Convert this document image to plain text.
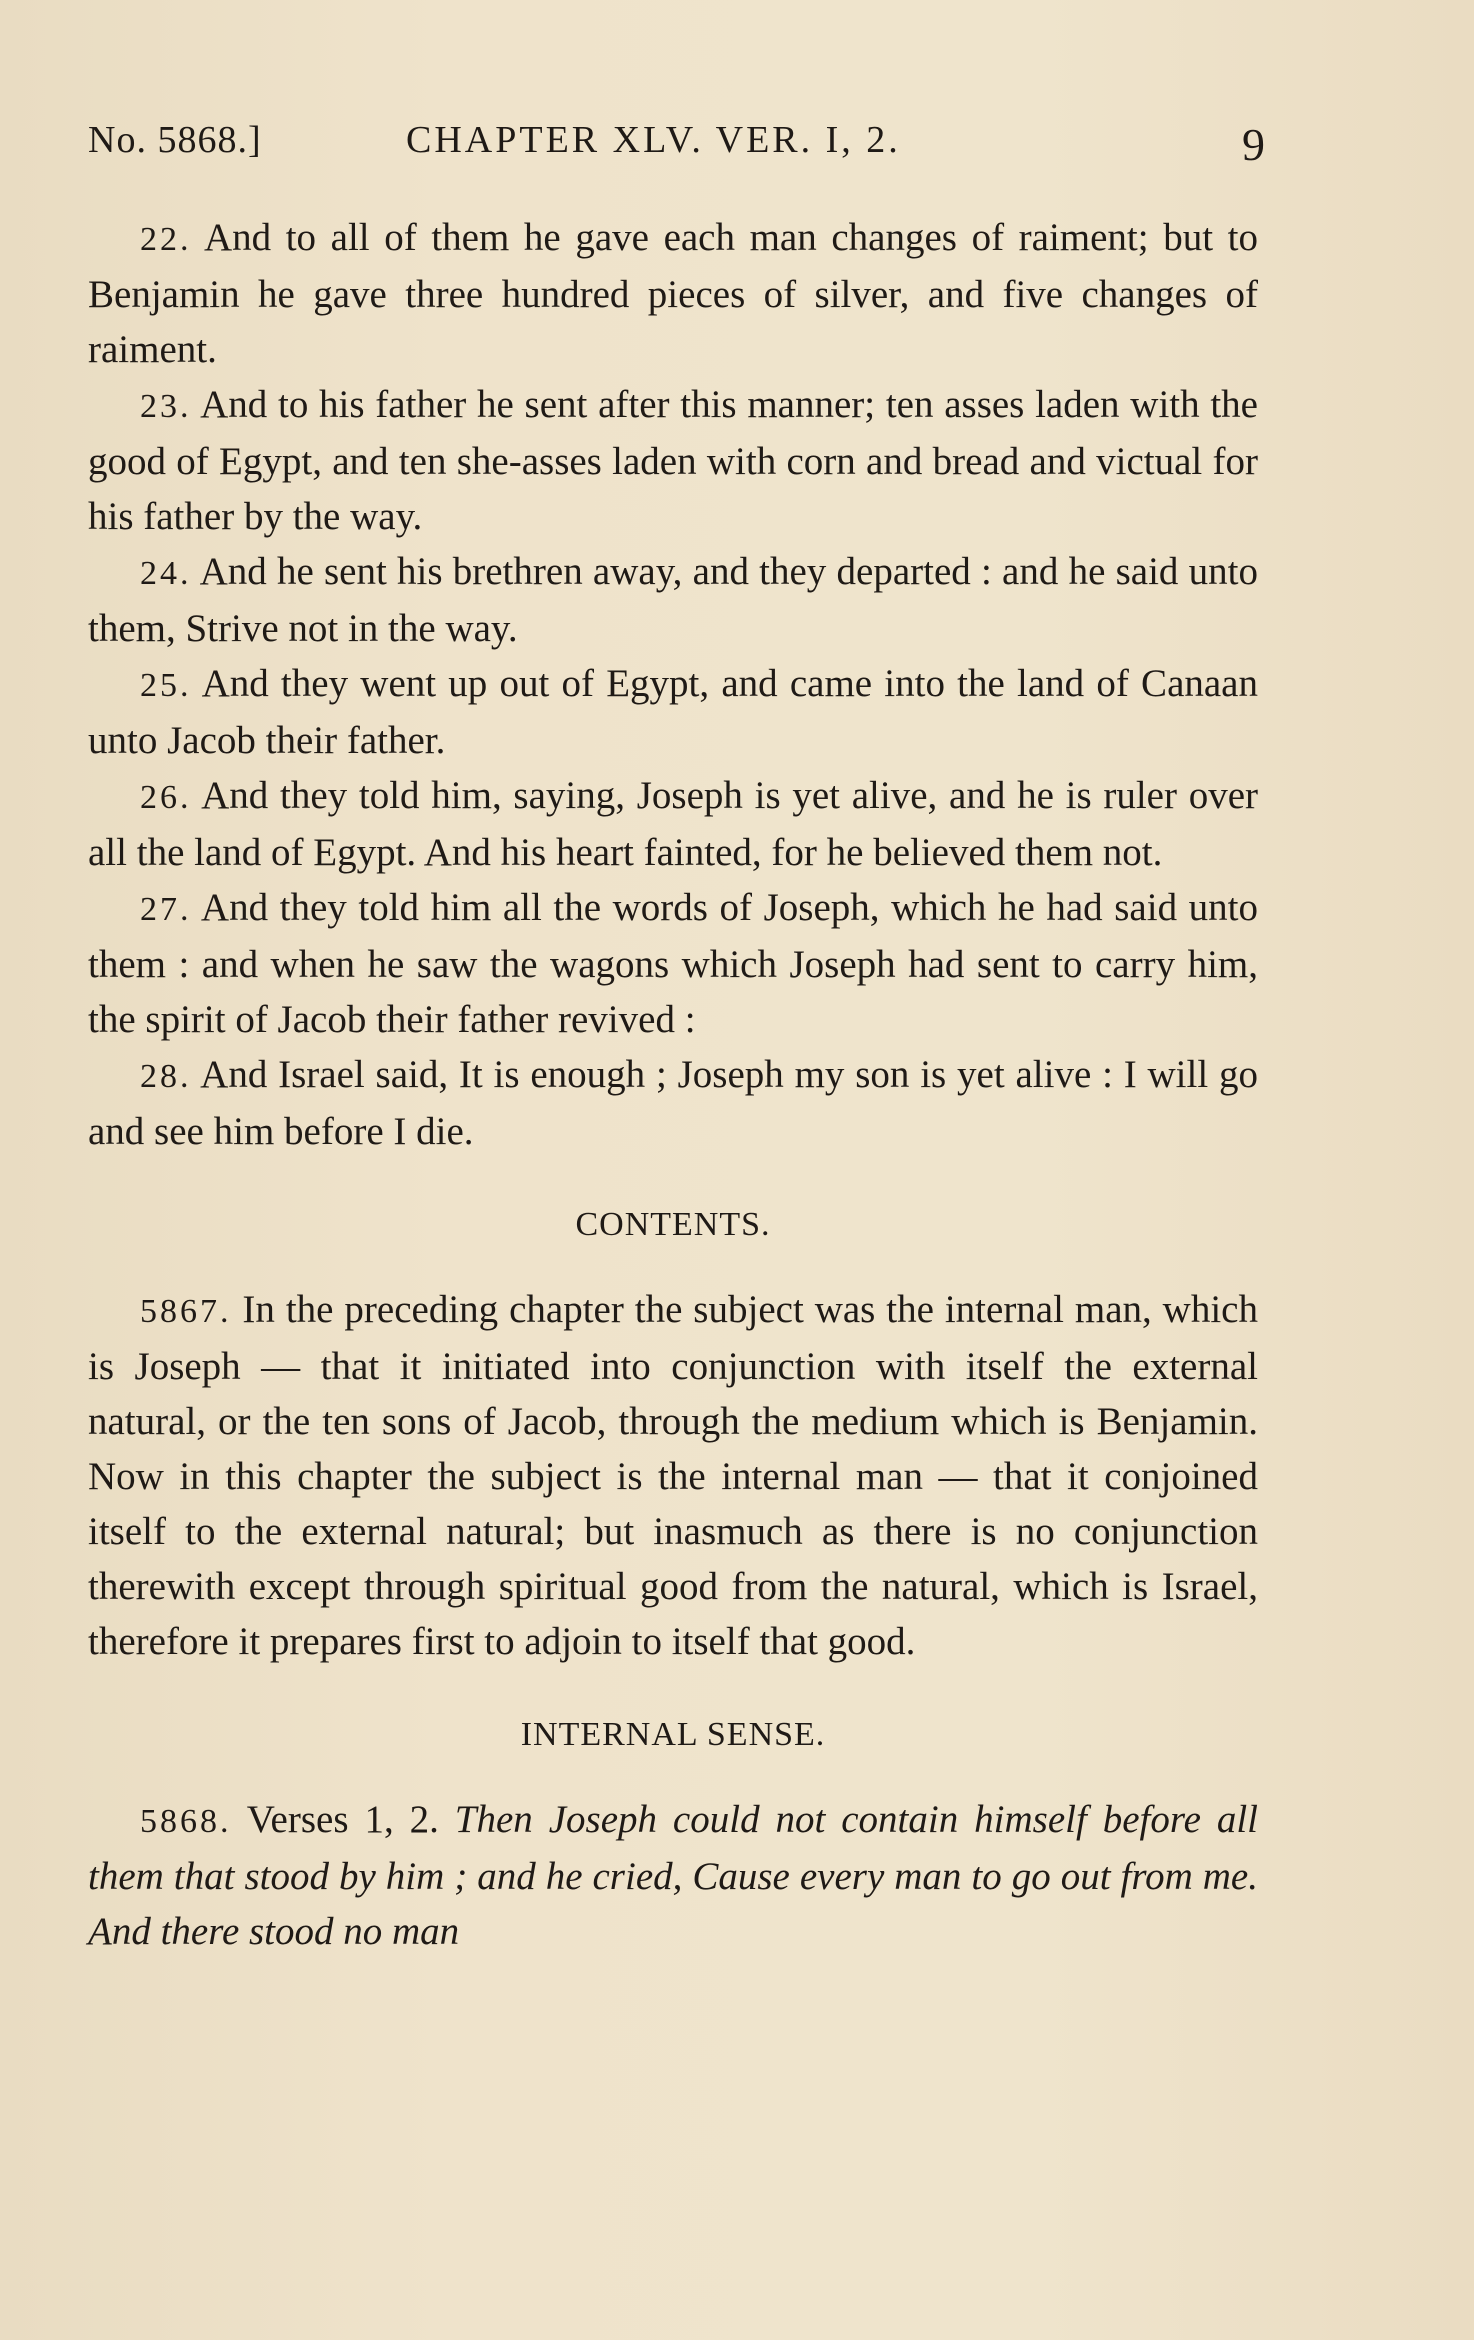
No. 5868.]	CHAPTER XLV. VER. I, 2.	9

22. And to all of them he gave each man changes of raiment; but to Benjamin he gave three hundred pieces of silver, and five changes of raiment.

23. And to his father he sent after this manner; ten asses laden with the good of Egypt, and ten she-asses laden with corn and bread and victual for his father by the way.

24. And he sent his brethren away, and they departed : and he said unto them, Strive not in the way.

25. And they went up out of Egypt, and came into the land of Canaan unto Jacob their father.

26. And they told him, saying, Joseph is yet alive, and he is ruler over all the land of Egypt. And his heart fainted, for he believed them not.

27. And they told him all the words of Joseph, which he had said unto them : and when he saw the wagons which Joseph had sent to carry him, the spirit of Jacob their father revived :

28. And Israel said, It is enough ; Joseph my son is yet alive : I will go and see him before I die.

CONTENTS.

5867. In the preceding chapter the subject was the internal man, which is Joseph — that it initiated into conjunction with itself the external natural, or the ten sons of Jacob, through the medium which is Benjamin. Now in this chapter the subject is the internal man — that it conjoined itself to the external natural; but inasmuch as there is no conjunction therewith except through spiritual good from the natural, which is Israel, therefore it prepares first to adjoin to itself that good.

INTERNAL SENSE.

5868. Verses 1, 2. Then Joseph could not contain himself before all them that stood by him ; and he cried, Cause every man to go out from me. And there stood no man
